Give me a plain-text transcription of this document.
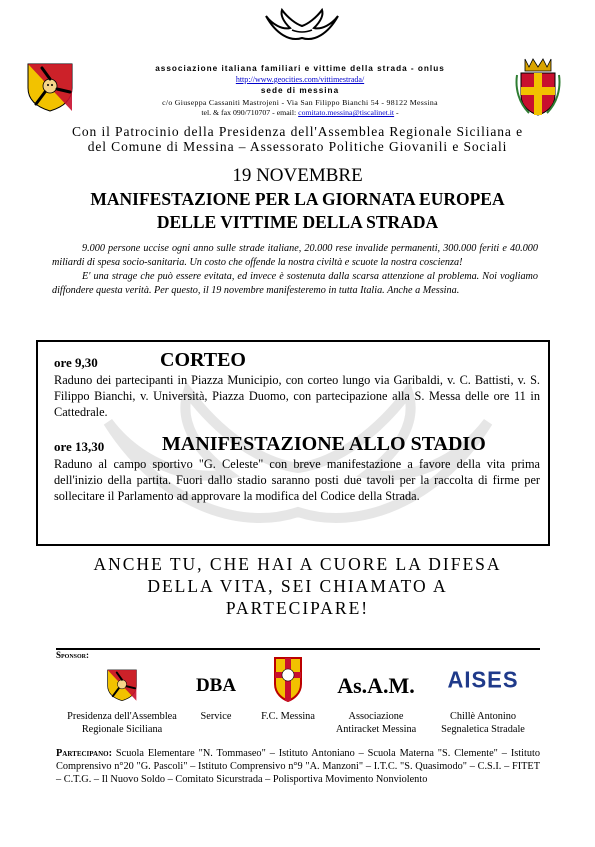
associazione italiana familiari e vittime della strada - onlus
http://www.geocities.com/vittimestrada/
sede di messina
c/o Giuseppa Cassaniti Mastrojeni - Via San Filippo Bianchi 54 - 98122 Messina
tel. & fax 090/710707 - email: comitato.messina@tiscalinet.it -
Con il Patrocinio della Presidenza dell'Assemblea Regionale Siciliana e
del Comune di Messina – Assessorato Politiche Giovanili e Sociali
19 NOVEMBRE
MANIFESTAZIONE PER LA GIORNATA EUROPEA
DELLE VITTIME DELLA STRADA

9.000 persone uccise ogni anno sulle strade italiane, 20.000 rese invalide permanenti, 300.000 feriti e 40.000 miliardi di spesa socio-sanitaria. Un costo che offende la nostra civiltà e scuote la nostra coscienza!

E' una strage che può essere evitata, ed invece è sostenuta dalla scarsa attenzione al problema. Noi vogliamo diffondere questa verità. Per questo, il 19 novembre manifesteremo in tutta Italia. Anche a Messina.

ore 9,30	CORTEO

Raduno dei partecipanti in Piazza Municipio, con corteo lungo via Garibaldi, v. C. Battisti, v. S. Filippo Bianchi, v. Università, Piazza Duomo, con partecipazione alla S. Messa delle ore 11 in Cattedrale.

ore 13,30	MANIFESTAZIONE ALLO STADIO

Raduno al campo sportivo "G. Celeste" con breve manifestazione a favore della vita prima dell'inizio della partita. Fuori dallo stadio saranno posti due tavoli per la raccolta di firme per sollecitare il Parlamento ad approvare la modifica del Codice della Strada.

ANCHE TU, CHE HAI A CUORE LA DIFESA
DELLA VITA, SEI CHIAMATO A
PARTECIPARE!
Sponsor:
Presidenza dell'Assemblea
Regionale Siciliana
DBA
Service	F.C. Messina
As.A.M.
Associazione
Antiracket Messina
AISES
Chillè Antonino
Segnaletica Stradale
Partecipano: Scuola Elementare "N. Tommaseo" – Istituto Antoniano – Scuola Materna "S. Clemente" – Istituto Comprensivo n°20 "G. Pascoli" – Istituto Comprensivo n°9 "A. Manzoni" – I.T.C. "S. Quasimodo" – C.S.I. – FITET – C.T.G. – Il Nuovo Soldo – Comitato Sicurstrada – Polisportiva Movimento Nonviolento
